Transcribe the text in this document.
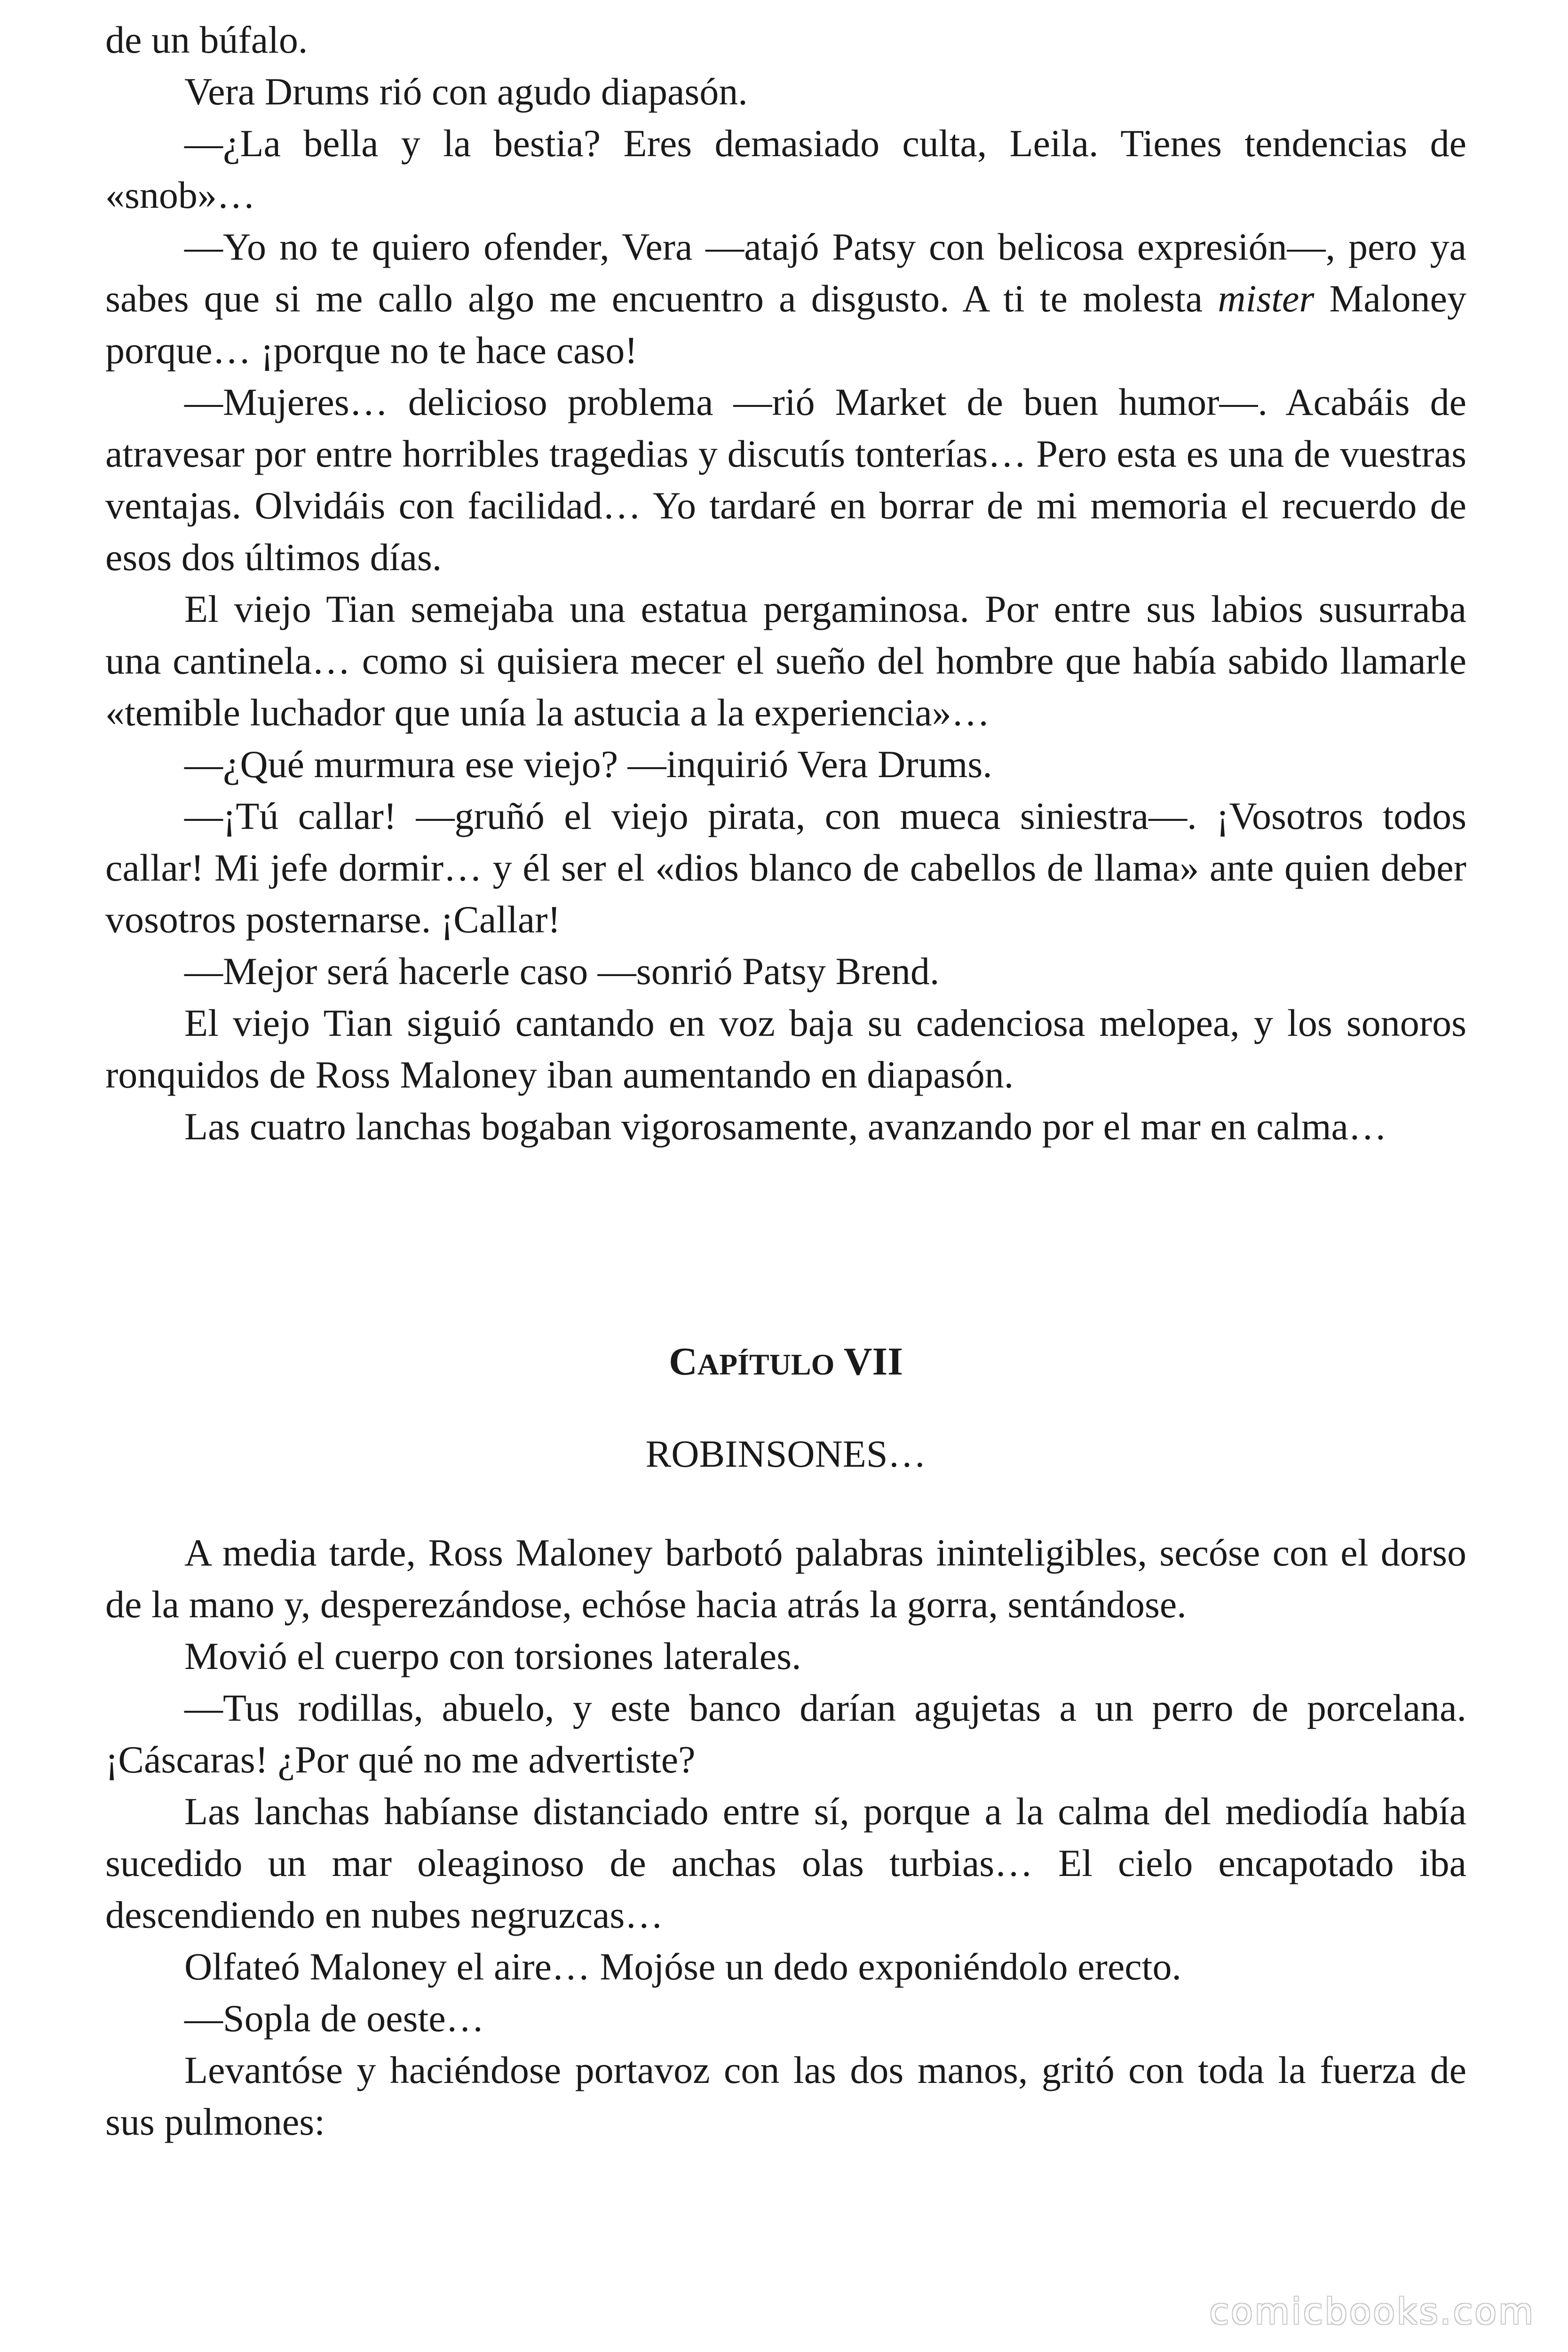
de un búfalo.

Vera Drums rió con agudo diapasón.

—¿La bella y la bestia? Eres demasiado culta, Leila. Tienes tendencias de «snob»…

—Yo no te quiero ofender, Vera —atajó Patsy con belicosa expresión—, pero ya sabes que si me callo algo me encuentro a disgusto. A ti te molesta mister Maloney porque… ¡porque no te hace caso!

—Mujeres… delicioso problema —rió Market de buen humor—. Acabáis de atravesar por entre horribles tragedias y discutís tonterías… Pero esta es una de vuestras ventajas. Olvidáis con facilidad… Yo tardaré en borrar de mi memoria el recuerdo de esos dos últimos días.

El viejo Tian semejaba una estatua pergaminosa. Por entre sus labios susurraba una cantinela… como si quisiera mecer el sueño del hombre que había sabido llamarle «temible luchador que unía la astucia a la experiencia»…

—¿Qué murmura ese viejo? —inquirió Vera Drums.

—¡Tú callar! —gruñó el viejo pirata, con mueca siniestra—. ¡Vosotros todos callar! Mi jefe dormir… y él ser el «dios blanco de cabellos de llama» ante quien deber vosotros posternarse. ¡Callar!

—Mejor será hacerle caso —sonrió Patsy Brend.

El viejo Tian siguió cantando en voz baja su cadenciosa melopea, y los sonoros ronquidos de Ross Maloney iban aumentando en diapasón.

Las cuatro lanchas bogaban vigorosamente, avanzando por el mar en calma…

CAPÍTULO VII
ROBINSONES…

A media tarde, Ross Maloney barbotó palabras ininteligibles, secóse con el dorso de la mano y, desperezándose, echóse hacia atrás la gorra, sentándose.

Movió el cuerpo con torsiones laterales.

—Tus rodillas, abuelo, y este banco darían agujetas a un perro de porcelana. ¡Cáscaras! ¿Por qué no me advertiste?

Las lanchas habíanse distanciado entre sí, porque a la calma del mediodía había sucedido un mar oleaginoso de anchas olas turbias… El cielo encapotado iba descendiendo en nubes negruzcas…

Olfateó Maloney el aire… Mojóse un dedo exponiéndolo erecto.

—Sopla de oeste…

Levantóse y haciéndose portavoz con las dos manos, gritó con toda la fuerza de sus pulmones:

comicbooks.com
